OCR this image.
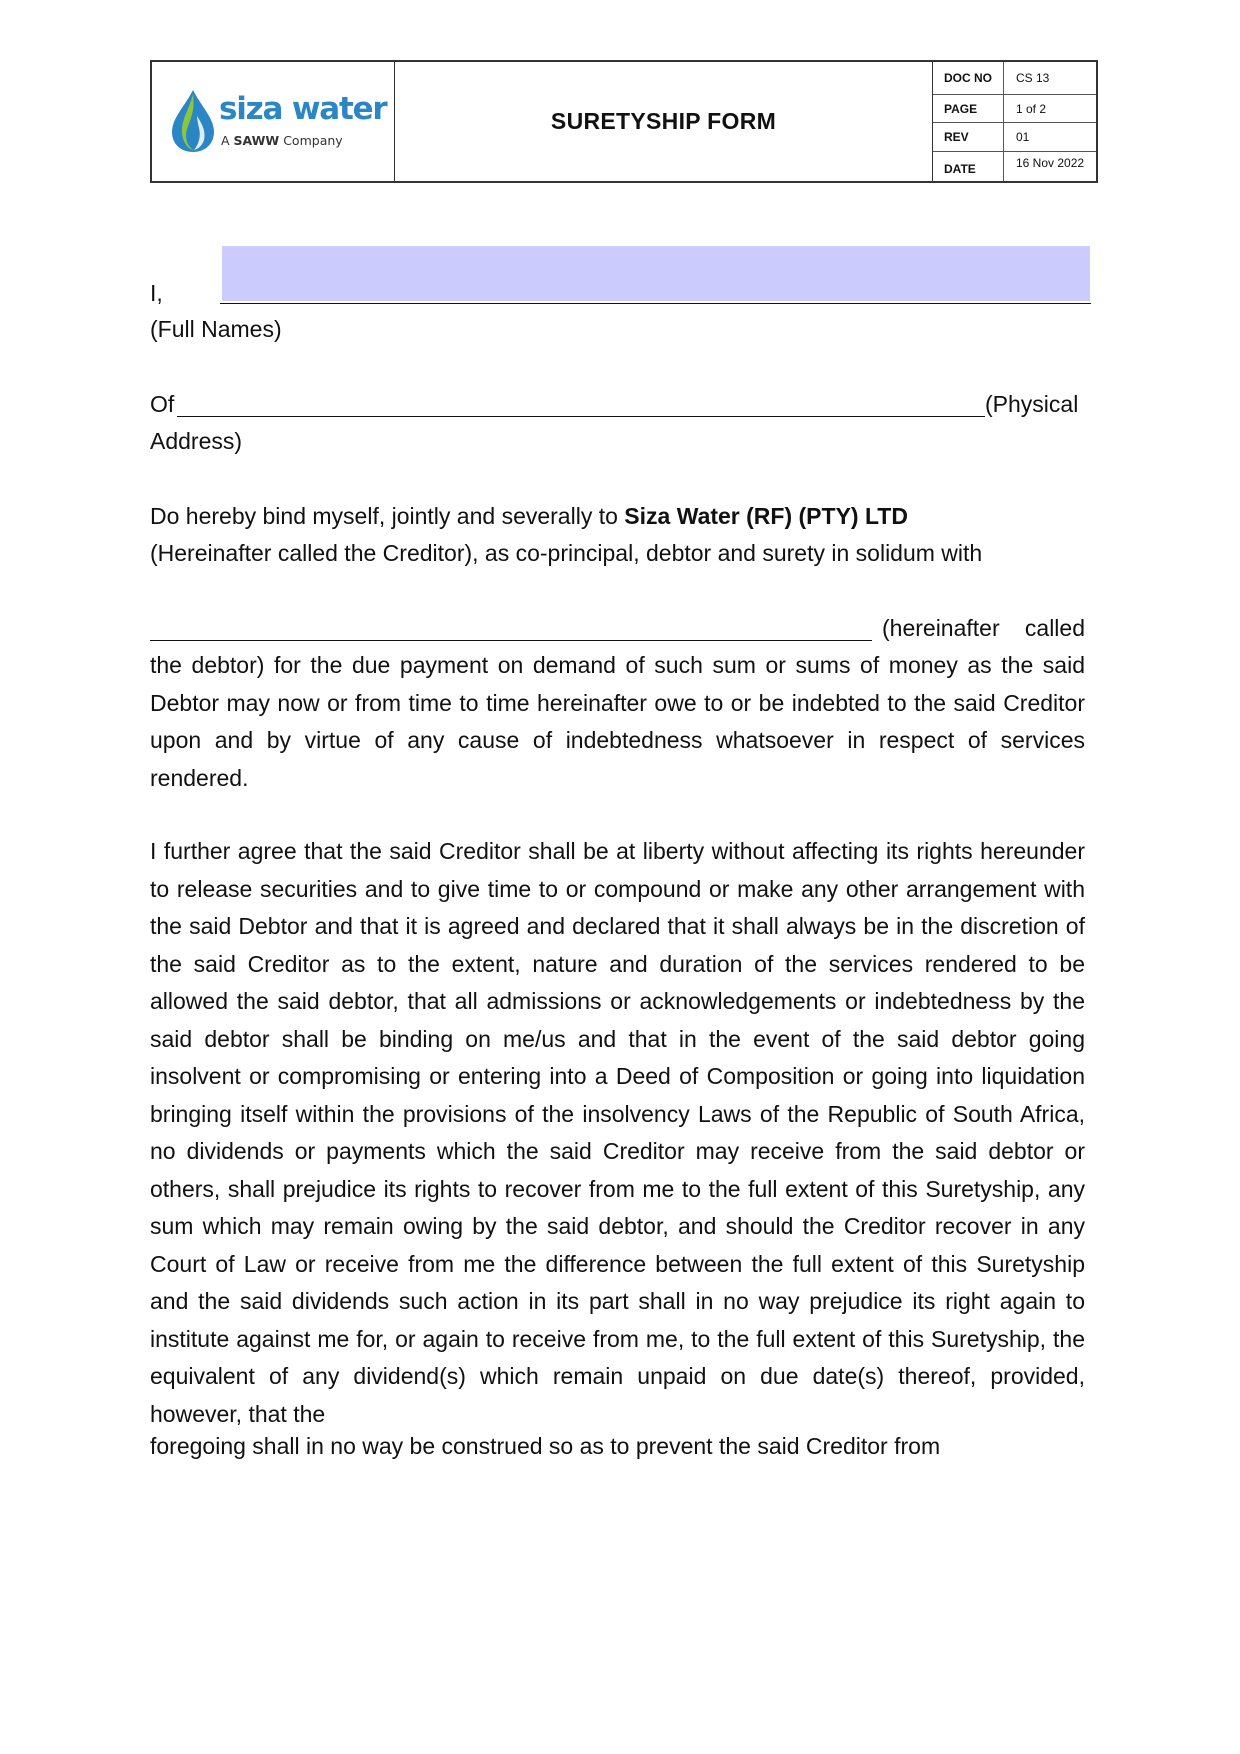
siza water
A SAWW Company
SURETYSHIP FORM
DOC NO	CS 13
PAGE	1 of 2
REV	01
DATE	16 Nov 2022
I,
(Full Names)
Of	(Physical
Address)
Do hereby bind myself, jointly and severally to Siza Water (RF) (PTY) LTD
(Hereinafter called the Creditor), as co-principal, debtor and surety in solidum with
(hereinafter called
the debtor) for the due payment on demand of such sum or sums of money as the said Debtor may now or from time to time hereinafter owe to or be indebted to the said Creditor upon and by virtue of any cause of indebtedness whatsoever in respect of services rendered.
I further agree that the said Creditor shall be at liberty without affecting its rights hereunder to release securities and to give time to or compound or make any other arrangement with the said Debtor and that it is agreed and declared that it shall always be in the discretion of the said Creditor as to the extent, nature and duration of the services rendered to be allowed the said debtor, that all admissions or acknowledgements or indebtedness by the said debtor shall be binding on me/us and that in the event of the said debtor going insolvent or compromising or entering into a Deed of Composition or going into liquidation bringing itself within the provisions of the insolvency Laws of the Republic of South Africa, no dividends or payments which the said Creditor may receive from the said debtor or others, shall prejudice its rights to recover from me to the full extent of this Suretyship, any sum which may remain owing by the said debtor, and should the Creditor recover in any Court of Law or receive from me the difference between the full extent of this Suretyship and the said dividends such action in its part shall in no way prejudice its right again to institute against me for, or again to receive from me, to the full extent of this Suretyship, the equivalent of any dividend(s) which remain unpaid on due date(s) thereof, provided, however, that the
foregoing shall in no way be construed so as to prevent the said Creditor from
